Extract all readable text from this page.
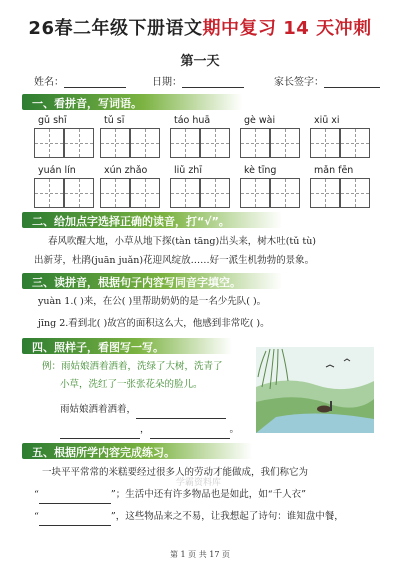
26春二年级下册语文期中复习 14 天冲刺
第一天
姓名：	日期：	家长签字：
一、看拼音，写词语。
gǔ shī	tǔ sī	táo huā	gè wài	xiū xi
yuán lín	xún zhǎo	liǔ zhī	kè tīng	mǎn fēn
二、给加点字选择正确的读音，打“√”。
春风吹醒大地，小草从地下探(tàn tāng)出头来，树木吐(tǔ tù)
出新芽，杜鹃(juān juǎn)花迎风绽放……好一派生机勃勃的景象。
三、读拼音，根据句子内容写同音字填空。
yuàn 1.( )来，在公( )里帮助奶奶的是一名少先队( )。
jīng 2.看到北( )故宫的面积这么大，他感到非常吃( )。
四、照样子，看图写一写。
例：雨姑娘洒着洒着，洗绿了大树，洗青了
小草，洗红了一张张花朵的脸儿。
雨姑娘洒着洒着，
，	。
五、根据所学内容完成练习。
一块平平常常的米糕要经过很多人的劳动才能做成，我们称它为
“	”；生活中还有许多物品也是如此，如“千人衣”
“	”，这些物品来之不易，让我想起了诗句：谁知盘中餐，
学霸资料库
第 1 页 共 17 页
